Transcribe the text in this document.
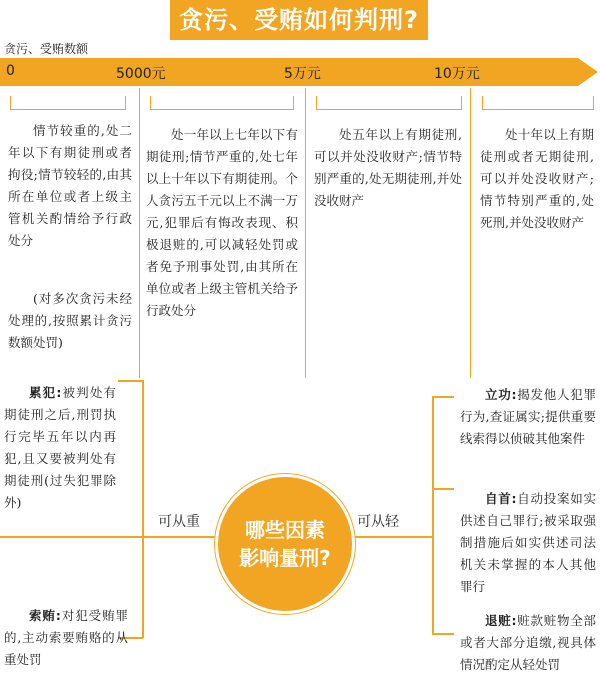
贪污、受贿如何判刑?
贪污、受贿数额
0	5000元	5万元	10万元
情节较重的,处二年以下有期徒刑或者拘役;情节较轻的,由其所在单位或者上级主管机关酌情给予行政处分
(对多次贪污未经处理的,按照累计贪污数额处罚)
处一年以上七年以下有期徒刑;情节严重的,处七年以上十年以下有期徒刑。个人贪污五千元以上不满一万元,犯罪后有悔改表现、积极退赃的,可以减轻处罚或者免予刑事处罚,由其所在单位或者上级主管机关给予行政处分
处五年以上有期徒刑,可以并处没收财产;情节特别严重的,处无期徒刑,并处没收财产
处十年以上有期徒刑或者无期徒刑,可以并处没收财产;情节特别严重的,处死刑,并处没收财产
可从重	可从轻
哪些因素
影响量刑?
累犯:被判处有期徒刑之后,刑罚执行完毕五年以内再犯,且又要被判处有期徒刑(过失犯罪除外)
索贿:对犯受贿罪的,主动索要贿赂的从重处罚
立功:揭发他人犯罪行为,查证属实;提供重要线索得以侦破其他案件
自首:自动投案如实供述自己罪行;被采取强制措施后如实供述司法机关未掌握的本人其他罪行
退赃:赃款赃物全部或者大部分追缴,视具体情况酌定从轻处罚
